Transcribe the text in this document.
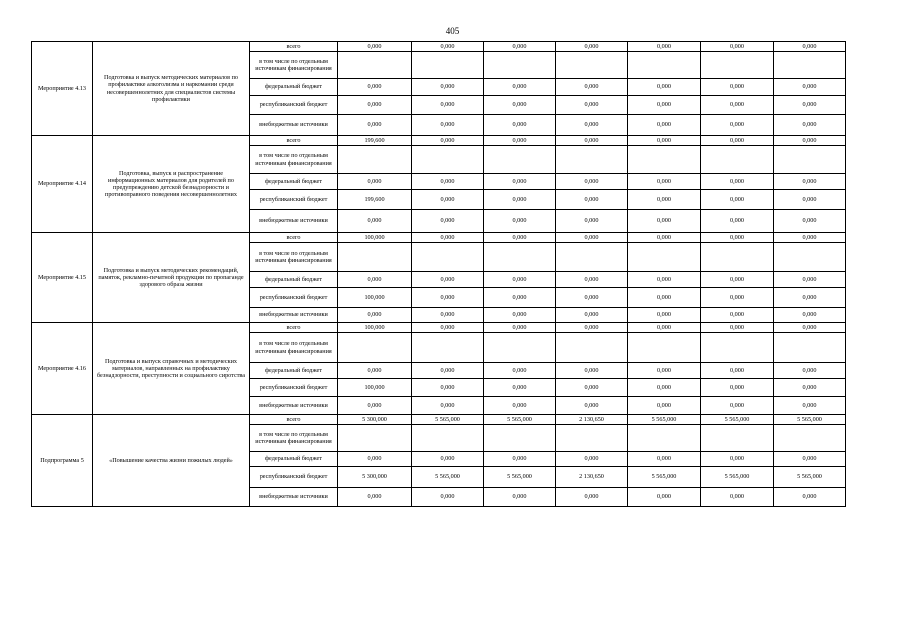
405
Мероприятие 4.13	Подготовка и выпуск методических материалов по профилактике алкоголизма и наркомании среди несовершеннолетних для специалистов системы профилактики	всего	0,000	0,000	0,000	0,000	0,000	0,000	0,000
		в том числе по отдельным источникам финансирования							
		федеральный бюджет	0,000	0,000	0,000	0,000	0,000	0,000	0,000
		республиканский бюджет	0,000	0,000	0,000	0,000	0,000	0,000	0,000
		внебюджетные источники	0,000	0,000	0,000	0,000	0,000	0,000	0,000
Мероприятие 4.14	Подготовка, выпуск и распространение информационных материалов для родителей по предупреждению детской безнадзорности и противоправного поведения несовершеннолетних	всего	199,600	0,000	0,000	0,000	0,000	0,000	0,000
		в том числе по отдельным источникам финансирования							
		федеральный бюджет	0,000	0,000	0,000	0,000	0,000	0,000	0,000
		республиканский бюджет	199,600	0,000	0,000	0,000	0,000	0,000	0,000
		внебюджетные источники	0,000	0,000	0,000	0,000	0,000	0,000	0,000
Мероприятие 4.15	Подготовка и выпуск методических рекомендаций, памяток, рекламно-печатной продукции по пропаганде здорового образа жизни	всего	100,000	0,000	0,000	0,000	0,000	0,000	0,000
		в том числе по отдельным источникам финансирования							
		федеральный бюджет	0,000	0,000	0,000	0,000	0,000	0,000	0,000
		республиканский бюджет	100,000	0,000	0,000	0,000	0,000	0,000	0,000
		внебюджетные источники	0,000	0,000	0,000	0,000	0,000	0,000	0,000
Мероприятие 4.16	Подготовка и выпуск справочных и методических материалов, направленных на профилактику безнадзорности, преступности и социального сиротства	всего	100,000	0,000	0,000	0,000	0,000	0,000	0,000
		в том числе по отдельным источникам финансирования							
		федеральный бюджет	0,000	0,000	0,000	0,000	0,000	0,000	0,000
		республиканский бюджет	100,000	0,000	0,000	0,000	0,000	0,000	0,000
		внебюджетные источники	0,000	0,000	0,000	0,000	0,000	0,000	0,000
Подпрограмма 5	«Повышение качества жизни пожилых людей»	всего	5 300,000	5 565,000	5 565,000	2 130,650	5 565,000	5 565,000	5 565,000
		в том числе по отдельным источникам финансирования							
		федеральный бюджет	0,000	0,000	0,000	0,000	0,000	0,000	0,000
		республиканский бюджет	5 300,000	5 565,000	5 565,000	2 130,650	5 565,000	5 565,000	5 565,000
		внебюджетные источники	0,000	0,000	0,000	0,000	0,000	0,000	0,000
